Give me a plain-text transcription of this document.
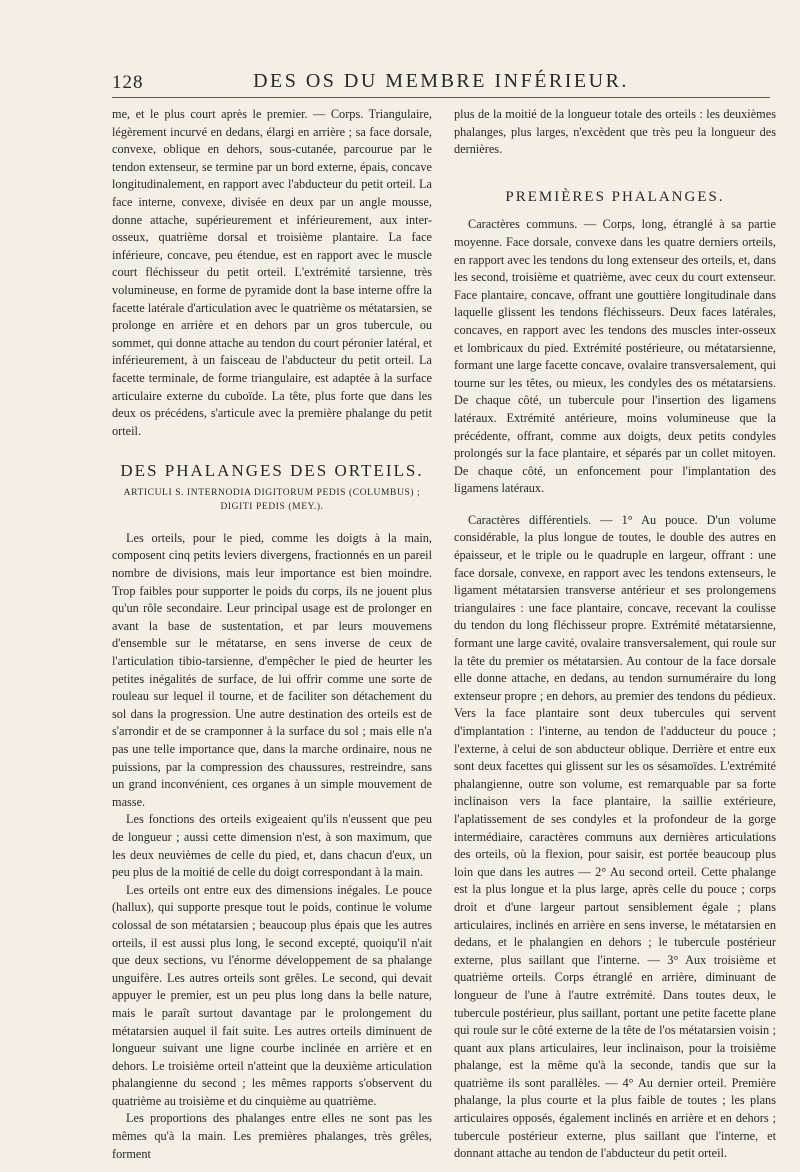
128	DES OS DU MEMBRE INFÉRIEUR.

me, et le plus court après le premier. — Corps. Triangulaire, légèrement incurvé en dedans, élargi en arrière ; sa face dorsale, convexe, oblique en dehors, sous-cutanée, parcourue par le tendon extenseur, se termine par un bord externe, épais, concave longitudinalement, en rapport avec l'abducteur du petit orteil. La face interne, convexe, divisée en deux par un angle mousse, donne attache, supérieurement et inférieurement, aux inter-osseux, quatrième dorsal et troisième plantaire. La face inférieure, concave, peu étendue, est en rapport avec le muscle court fléchisseur du petit orteil. L'extrémité tarsienne, très volumineuse, en forme de pyramide dont la base interne offre la facette latérale d'articulation avec le quatrième os métatarsien, se prolonge en arrière et en dehors par un gros tubercule, ou sommet, qui donne attache au tendon du court péronier latéral, et inférieurement, à un faisceau de l'abducteur du petit orteil. La facette terminale, de forme triangulaire, est adaptée à la surface articulaire externe du cuboïde. La tête, plus forte que dans les deux os précédens, s'articule avec la première phalange du petit orteil.

DES PHALANGES DES ORTEILS.
ARTICULI S. INTERNODIA DIGITORUM PEDIS (COLUMBUS) ;
DIGITI PEDIS (MEY.).

Les orteils, pour le pied, comme les doigts à la main, composent cinq petits leviers divergens, fractionnés en un pareil nombre de divisions, mais leur importance est bien moindre. Trop faibles pour supporter le poids du corps, ils ne jouent plus qu'un rôle secondaire. Leur principal usage est de prolonger en avant la base de sustentation, et par leurs mouvemens d'ensemble sur le métatarse, en sens inverse de ceux de l'articulation tibio-tarsienne, d'empêcher le pied de heurter les petites inégalités de surface, de lui offrir comme une sorte de rouleau sur lequel il tourne, et de faciliter son détachement du sol dans la progression. Une autre destination des orteils est de s'arrondir et de se cramponner à la surface du sol ; mais elle n'a pas une telle importance que, dans la marche ordinaire, nous ne puissions, par la compression des chaussures, restreindre, sans un grand inconvénient, ces organes à un simple mouvement de masse.

Les fonctions des orteils exigeaient qu'ils n'eussent que peu de longueur ; aussi cette dimension n'est, à son maximum, que les deux neuvièmes de celle du pied, et, dans chacun d'eux, un peu plus de la moitié de celle du doigt correspondant à la main.

Les orteils ont entre eux des dimensions inégales. Le pouce (hallux), qui supporte presque tout le poids, continue le volume colossal de son métatarsien ; beaucoup plus épais que les autres orteils, il est aussi plus long, le second excepté, quoiqu'il n'ait que deux sections, vu l'énorme développement de sa phalange unguifère. Les autres orteils sont grêles. Le second, qui devait appuyer le premier, est un peu plus long dans la belle nature, mais le paraît surtout davantage par le prolongement du métatarsien auquel il fait suite. Les autres orteils diminuent de longueur suivant une ligne courbe inclinée en arrière et en dehors. Le troisième orteil n'atteint que la deuxième articulation phalangienne du second ; les mêmes rapports s'observent du quatrième au troisième et du cinquième au quatrième.

Les proportions des phalanges entre elles ne sont pas les mêmes qu'à la main. Les premières phalanges, très grêles, forment

plus de la moitié de la longueur totale des orteils : les deuxièmes phalanges, plus larges, n'excèdent que très peu la longueur des dernières.

PREMIÈRES PHALANGES.

Caractères communs. — Corps, long, étranglé à sa partie moyenne. Face dorsale, convexe dans les quatre derniers orteils, en rapport avec les tendons du long extenseur des orteils, et, dans les second, troisième et quatrième, avec ceux du court extenseur. Face plantaire, concave, offrant une gouttière longitudinale dans laquelle glissent les tendons fléchisseurs. Deux faces latérales, concaves, en rapport avec les tendons des muscles inter-osseux et lombricaux du pied. Extrémité postérieure, ou métatarsienne, formant une large facette concave, ovalaire transversalement, qui tourne sur les têtes, ou mieux, les condyles des os métatarsiens. De chaque côté, un tubercule pour l'insertion des ligamens latéraux. Extrémité antérieure, moins volumineuse que la précédente, offrant, comme aux doigts, deux petits condyles prolongés sur la face plantaire, et séparés par un collet mitoyen. De chaque côté, un enfoncement pour l'implantation des ligamens latéraux.

Caractères différentiels. — 1° Au pouce. D'un volume considérable, la plus longue de toutes, le double des autres en épaisseur, et le triple ou le quadruple en largeur, offrant : une face dorsale, convexe, en rapport avec les tendons extenseurs, le ligament métatarsien transverse antérieur et ses prolongemens triangulaires : une face plantaire, concave, recevant la coulisse du tendon du long fléchisseur propre. Extrémité métatarsienne, formant une large cavité, ovalaire transversalement, qui roule sur la tête du premier os métatarsien. Au contour de la face dorsale elle donne attache, en dedans, au tendon surnuméraire du long extenseur propre ; en dehors, au premier des tendons du pédieux. Vers la face plantaire sont deux tubercules qui servent d'implantation : l'interne, au tendon de l'adducteur du pouce ; l'externe, à celui de son abducteur oblique. Derrière et entre eux sont deux facettes qui glissent sur les os sésamoïdes. L'extrémité phalangienne, outre son volume, est remarquable par sa forte inclinaison vers la face plantaire, la saillie extérieure, l'aplatissement de ses condyles et la profondeur de la gorge intermédiaire, caractères communs aux dernières articulations des orteils, où la flexion, pour saisir, est portée beaucoup plus loin que dans les autres — 2° Au second orteil. Cette phalange est la plus longue et la plus large, après celle du pouce ; corps droit et d'une largeur partout sensiblement égale ; plans articulaires, inclinés en arrière en sens inverse, le métatarsien en dedans, et le phalangien en dehors ; le tubercule postérieur externe, plus saillant que l'interne. — 3° Aux troisième et quatrième orteils. Corps étranglé en arrière, diminuant de longueur de l'une à l'autre extrémité. Dans toutes deux, le tubercule postérieur, plus saillant, portant une petite facette plane qui roule sur le côté externe de la tête de l'os métatarsien voisin ; quant aux plans articulaires, leur inclinaison, pour la troisième phalange, est la même qu'à la seconde, tandis que sur la quatrième ils sont parallèles. — 4° Au dernier orteil. Première phalange, la plus courte et la plus faible de toutes ; les plans articulaires opposés, également inclinés en arrière et en dehors ; tubercule postérieur externe, plus saillant que l'interne, et donnant attache au tendon de l'abducteur du petit orteil.
